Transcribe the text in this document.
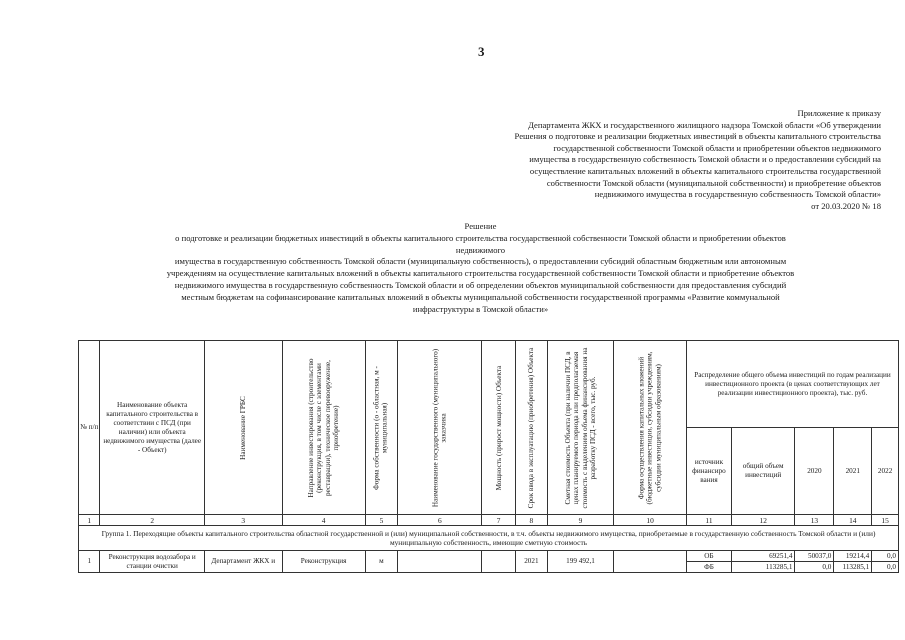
3
Приложение к приказу
Департамента ЖКХ и государственного жилищного надзора Томской области «Об утверждении
Решения о подготовке и реализации бюджетных инвестиций в объекты капитального строительства
государственной собственности Томской области и приобретении объектов недвижимого
имущества в государственную собственность Томской области и о предоставлении субсидий на
осуществление капитальных вложений в объекты капитального строительства государственной
собственности Томской области (муниципальной собственности) и приобретение объектов
недвижимого имущества в государственную собственность Томской области»
от 20.03.2020 № 18
Решение
о подготовке и реализации бюджетных инвестиций в объекты капитального строительства государственной собственности Томской области и приобретении объектов
недвижимого
имущества в государственную собственность Томской области (муниципальную собственность), о предоставлении субсидий областным бюджетным или автономным
учреждениям на осуществление капитальных вложений в объекты капитального строительства государственной собственности Томской области и приобретение объектов
недвижимого имущества в государственную собственность Томской области и об определении объектов муниципальной собственности для предоставления субсидий
местным бюджетам на софинансирование капитальных вложений в объекты муниципальной собственности государственной программы «Развитие коммунальной
инфраструктуры в Томской области»
№ п/п	Наименование объекта капитального строительства в соответствии с ПСД (при наличии) или объекта недвижимого имущества (далее - Объект)	Наименование ГРБС	Направление инвестирования (строительство (реконструкция, в том числе с элементами реставрации), техническое перевооружение, приобретение)	Форма собственности (о - областная, м - муниципальная)	Наименование государственного (муниципального) заказчика	Мощность (прирост мощности) Объекта	Срок ввода в эксплуатацию (приобретения) Объекта	Сметная стоимость Объекта (при наличии ПСД, в ценах планируемого периода или предполагаемая стоимость с выделением объема финансирования на разработку ПСД - всего, тыс. руб.	Форма осуществления капитальных вложений (бюджетные инвестиции, субсидии учреждениям, субсидии муниципальным образованиям)	Распределение общего объема инвестиций по годам реализации инвестиционного проекта (в ценах соответствующих лет реализации инвестиционного проекта), тыс. руб.				
										источник финансиро вания	общий объем инвестиций	2020	2021	2022
1	2	3	4	5	6	7	8	9	10	11	12	13	14	15
Группа 1. Переходящие объекты капитального строительства областной государственной и (или) муниципальной собственности, в т.ч. объекты недвижимого имущества, приобретаемые в государственную собственность Томской области и (или) муниципальную собственность, имеющие сметную стоимость														
1	Реконструкция водозабора и станции очистки	Департамент ЖКХ и	Реконструкция	м			2021	199 492,1		ОБ	69251,4	50037,0	19214,4	0,0
										ФБ	113285,1	0,0	113285,1	0,0
